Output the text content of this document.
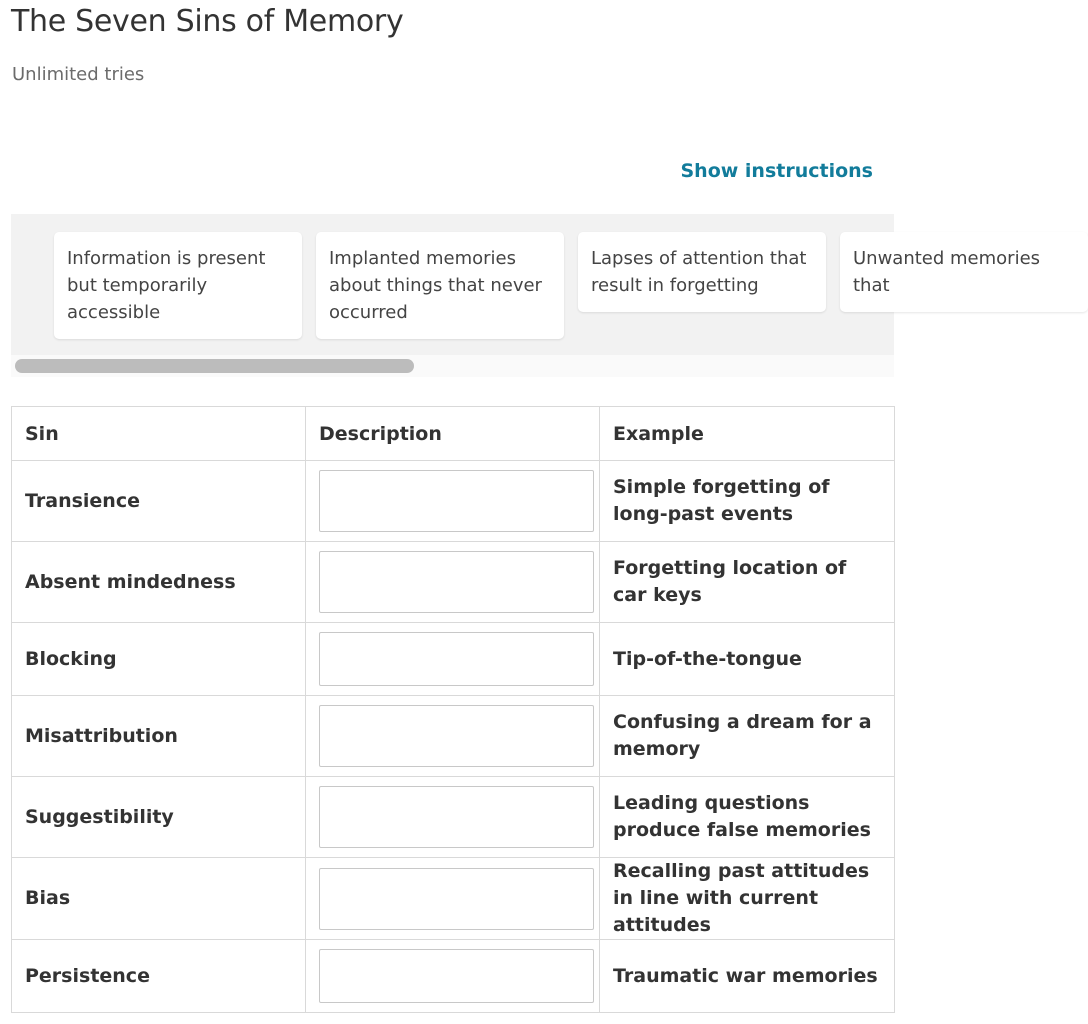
The Seven Sins of Memory
Unlimited tries
Show instructions
Information is present but temporarily accessible
Implanted memories about things that never occurred
Lapses of attention that result in forgetting
Unwanted memories that
Sin	Description	Example
Transience		Simple forgetting of long-past events
Absent mindedness		Forgetting location of car keys
Blocking		Tip-of-the-tongue
Misattribution		Confusing a dream for a memory
Suggestibility		Leading questions produce false memories
Bias		Recalling past attitudes in line with current attitudes
Persistence		Traumatic war memories
